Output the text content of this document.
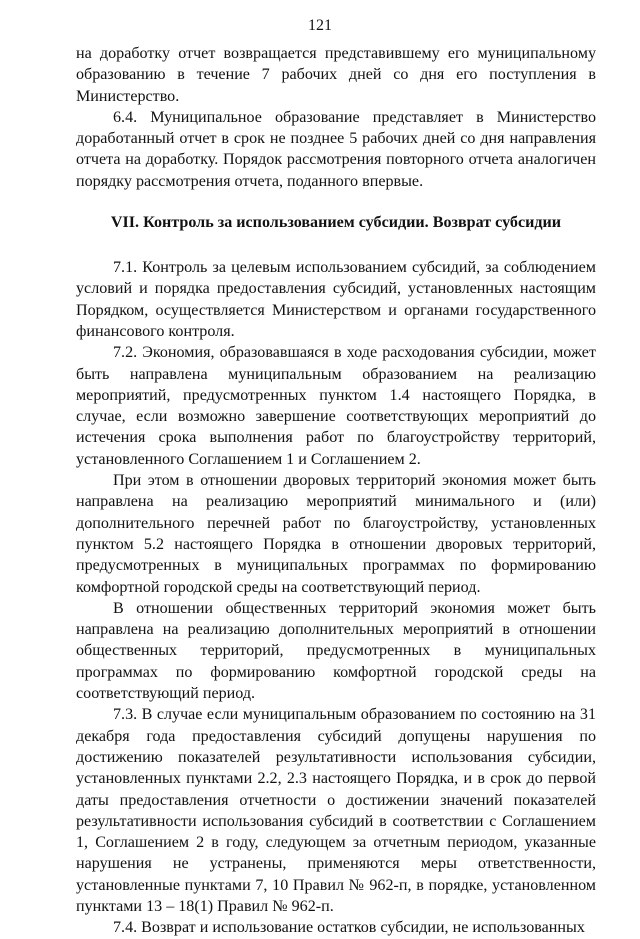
121

на доработку отчет возвращается представившему его муниципальному образованию в течение 7 рабочих дней со дня его поступления в Министерство.

6.4. Муниципальное образование представляет в Министерство доработанный отчет в срок не позднее 5 рабочих дней со дня направления отчета на доработку. Порядок рассмотрения повторного отчета аналогичен порядку рассмотрения отчета, поданного впервые.

VII. Контроль за использованием субсидии. Возврат субсидии

7.1. Контроль за целевым использованием субсидий, за соблюдением условий и порядка предоставления субсидий, установленных настоящим Порядком, осуществляется Министерством и органами государственного финансового контроля.

7.2. Экономия, образовавшаяся в ходе расходования субсидии, может быть направлена муниципальным образованием на реализацию мероприятий, предусмотренных пунктом 1.4 настоящего Порядка, в случае, если возможно завершение соответствующих мероприятий до истечения срока выполнения работ по благоустройству территорий, установленного Соглашением 1 и Соглашением 2.

При этом в отношении дворовых территорий экономия может быть направлена на реализацию мероприятий минимального и (или) дополнительного перечней работ по благоустройству, установленных пунктом 5.2 настоящего Порядка в отношении дворовых территорий, предусмотренных в муниципальных программах по формированию комфортной городской среды на соответствующий период.

В отношении общественных территорий экономия может быть направлена на реализацию дополнительных мероприятий в отношении общественных территорий, предусмотренных в муниципальных программах по формированию комфортной городской среды на соответствующий период.

7.3. В случае если муниципальным образованием по состоянию на 31 декабря года предоставления субсидий допущены нарушения по достижению показателей результативности использования субсидии, установленных пунктами 2.2, 2.3 настоящего Порядка, и в срок до первой даты предоставления отчетности о достижении значений показателей результативности использования субсидий в соответствии с Соглашением 1, Соглашением 2 в году, следующем за отчетным периодом, указанные нарушения не устранены, применяются меры ответственности, установленные пунктами 7, 10 Правил № 962-п, в порядке, установленном пунктами 13 – 18(1) Правил № 962-п.

7.4. Возврат и использование остатков субсидии, не использованных
